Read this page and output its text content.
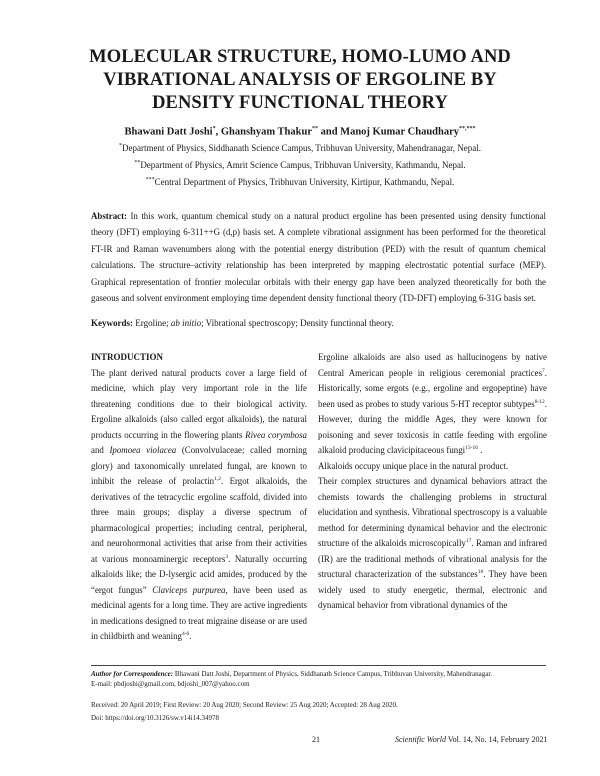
MOLECULAR STRUCTURE, HOMO-LUMO AND
VIBRATIONAL ANALYSIS OF ERGOLINE BY
DENSITY FUNCTIONAL THEORY
Bhawani Datt Joshi*, Ghanshyam Thakur** and Manoj Kumar Chaudhary**,***
*Department of Physics, Siddhanath Science Campus, Tribhuvan University, Mahendranagar, Nepal.
**Department of Physics, Amrit Science Campus, Tribhuvan University, Kathmandu, Nepal.
***Central Department of Physics, Tribhuvan University, Kirtipur, Kathmandu, Nepal.
Abstract: In this work, quantum chemical study on a natural product ergoline has been presented using density functional theory (DFT) employing 6-311++G (d,p) basis set. A complete vibrational assignment has been performed for the theoretical FT-IR and Raman wavenumbers along with the potential energy distribution (PED) with the result of quantum chemical calculations. The structure–activity relationship has been interpreted by mapping electrostatic potential surface (MEP). Graphical representation of frontier molecular orbitals with their energy gap have been analyzed theoretically for both the gaseous and solvent environment employing time dependent density functional theory (TD-DFT) employing 6-31G basis set.
Keywords: Ergoline; ab initio; Vibrational spectroscopy; Density functional theory.
INTRODUCTION

The plant derived natural products cover a large field of medicine, which play very important role in the life threatening conditions due to their biological activity. Ergoline alkaloids (also called ergot alkaloids), the natural products occurring in the flowering plants Rivea corymbosa and Ipomoea violacea (Convolvulaceae; called morning glory) and taxonomically unrelated fungal, are known to inhibit the release of prolactin$^{1,2}$. Ergot alkaloids, the derivatives of the tetracyclic ergoline scaffold, divided into three main groups; display a diverse spectrum of pharmacological properties; including central, peripheral, and neurohormonal activities that arise from their activities at various monoaminergic receptors$^3$. Naturally occurring alkaloids like; the D-lysergic acid amides, produced by the “ergot fungus” Claviceps purpurea, have been used as medicinal agents for a long time. They are active ingredients in medications designed to treat migraine disease or are used in childbirth and weaning$^{4-6}$.

Ergoline alkaloids are also used as hallucinogens by native Central American people in religious ceremonial practices$^7$. Historically, some ergots (e.g., ergoline and ergopeptine) have been used as probes to study various 5-HT receptor subtypes$^{8-12}$. However, during the middle Ages, they were known for poisoning and sever toxicosis in cattle feeding with ergoline alkaloid producing clavicipitaceous fungi$^{13-16}$ .

Alkaloids occupy unique place in the natural product.

Their complex structures and dynamical behaviors attract the chemists towards the challenging problems in structural elucidation and synthesis. Vibrational spectroscopy is a valuable method for determining dynamical behavior and the electronic structure of the alkaloids microscopically$^{17}$. Raman and infrared (IR) are the traditional methods of vibrational analysis for the structural characterization of the substances$^{18}$. They have been widely used to study energetic, thermal, electronic and dynamical behavior from vibrational dynamics of the

Author for Correspondence: Bhawani Datt Joshi, Department of Physics, Siddhanath Science Campus, Tribhuvan University, Mahendranagar.
E-mail: pbdjoshi@gmail.com, bdjoshi_007@yahoo.com
Received: 20 April 2019; First Review: 20 Aug 2020; Second Review: 25 Aug 2020; Accepted: 28 Aug 2020.
Doi: https://doi.org/10.3126/sw.v14i14.34978
21	Scientific World Vol. 14, No. 14, February 2021
